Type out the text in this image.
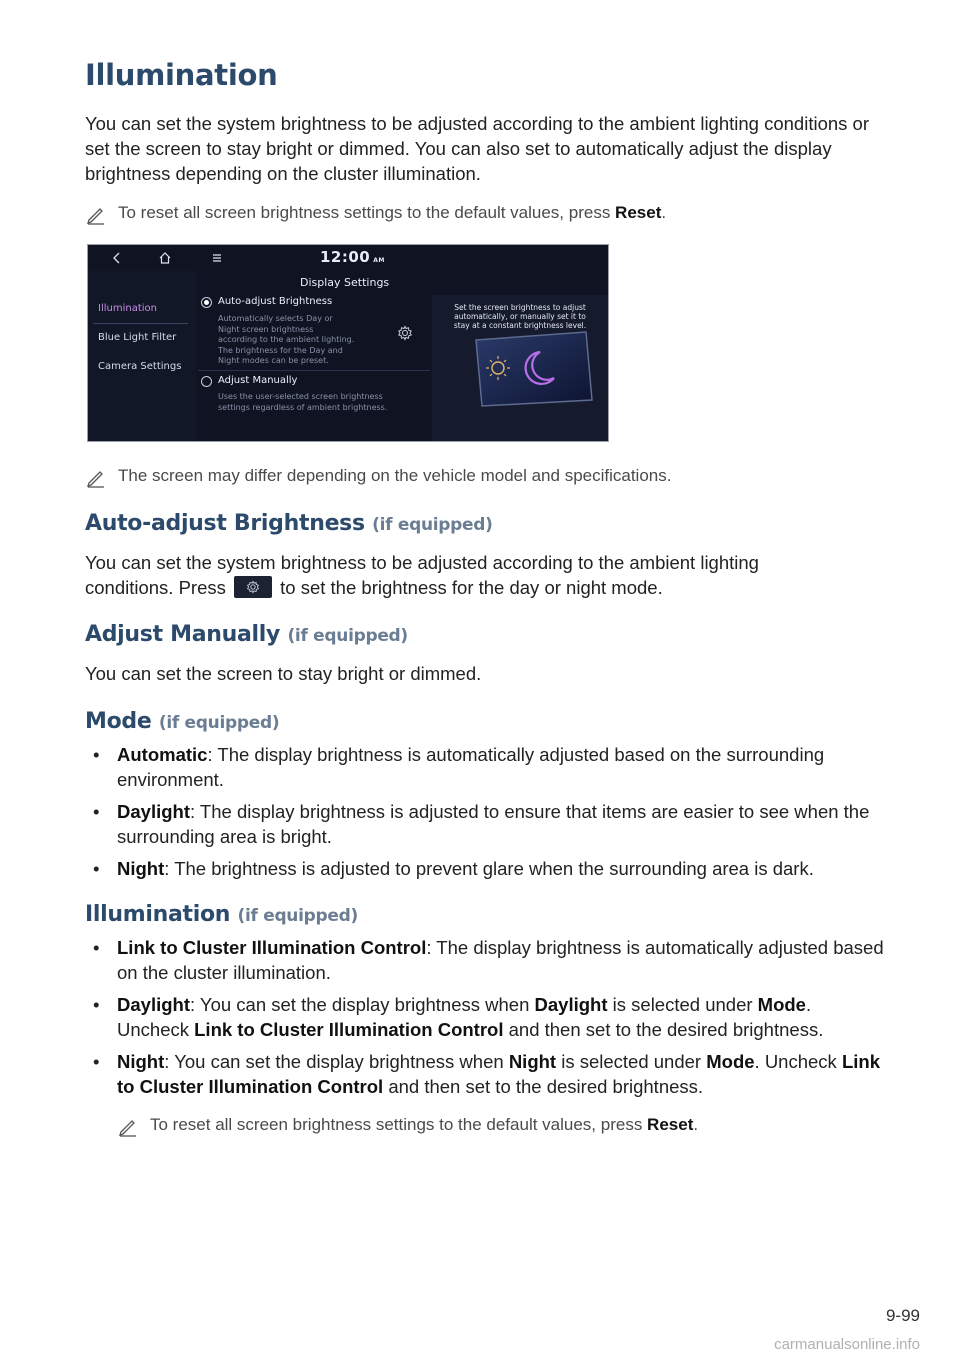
Illumination

You can set the system brightness to be adjusted according to the ambient lighting conditions or set the screen to stay bright or dimmed. You can also set to automatically adjust the display brightness depending on the cluster illumination.

To reset all screen brightness settings to the default values, press Reset.
12:00 AM
Display Settings
Illumination
Blue Light Filter
Camera Settings
Auto-adjust Brightness
Automatically selects Day or
Night screen brightness
according to the ambient lighting.
The brightness for the Day and
Night modes can be preset.
Adjust Manually
Uses the user-selected screen brightness
settings regardless of ambient brightness.
Set the screen brightness to adjust
automatically, or manually set it to
stay at a constant brightness level.
The screen may differ depending on the vehicle model and specifications.
Auto-adjust Brightness (if equipped)

You can set the system brightness to be adjusted according to the ambient lighting
conditions. Press	to set the brightness for the day or night mode.

Adjust Manually (if equipped)

You can set the screen to stay bright or dimmed.

Mode (if equipped)
• Automatic: The display brightness is automatically adjusted based on the surrounding environment.
• Daylight: The display brightness is adjusted to ensure that items are easier to see when the surrounding area is bright.
• Night: The brightness is adjusted to prevent glare when the surrounding area is dark.
Illumination (if equipped)
• Link to Cluster Illumination Control: The display brightness is automatically adjusted based on the cluster illumination.
• Daylight: You can set the display brightness when Daylight is selected under Mode. Uncheck Link to Cluster Illumination Control and then set to the desired brightness.
• Night: You can set the display brightness when Night is selected under Mode. Uncheck Link to Cluster Illumination Control and then set to the desired brightness.
To reset all screen brightness settings to the default values, press Reset.
9-99
carmanualsonline.info
